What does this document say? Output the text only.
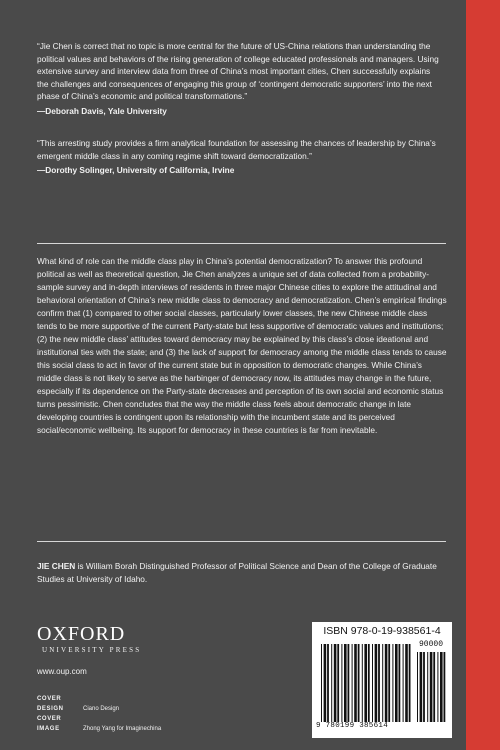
“Jie Chen is correct that no topic is more central for the future of US-China relations than understanding the political values and behaviors of the rising generation of college educated professionals and managers. Using extensive survey and interview data from three of China’s most important cities, Chen successfully explains the challenges and consequences of engaging this group of ‘contingent democratic supporters’ into the next phase of China’s economic and political transformations.”

—Deborah Davis, Yale University

“This arresting study provides a firm analytical foundation for assessing the chances of leadership by China’s emergent middle class in any coming regime shift toward democratization.”

—Dorothy Solinger, University of California, Irvine

What kind of role can the middle class play in China’s potential democratization? To answer this profound political as well as theoretical question, Jie Chen analyzes a unique set of data collected from a probability-sample survey and in-depth interviews of residents in three major Chinese cities to explore the attitudinal and behavioral orientation of China’s new middle class to democracy and democratization. Chen’s empirical findings confirm that (1) compared to other social classes, particularly lower classes, the new Chinese middle class tends to be more supportive of the current Party-state but less supportive of democratic values and institutions; (2) the new middle class’ attitudes toward democracy may be explained by this class’s close ideational and institutional ties with the state; and (3) the lack of support for democracy among the middle class tends to cause this social class to act in favor of the current state but in opposition to democratic changes. While China’s middle class is not likely to serve as the harbinger of democracy now, its attitudes may change in the future, especially if its dependence on the Party-state decreases and perception of its own social and economic status turns pessimistic. Chen concludes that the way the middle class feels about democratic change in late developing countries is contingent upon its relationship with the incumbent state and its perceived social/economic wellbeing. Its support for democracy in these countries is far from inevitable.

JIE CHEN is William Borah Distinguished Professor of Political Science and Dean of the College of Graduate Studies at University of Idaho.

OXFORD
UNIVERSITY PRESS
www.oup.com
COVER DESIGN	Ciano Design
COVER IMAGE	Zhong Yang for Imaginechina
ISBN 978-0-19-938561-4
90000
9 780199 385614
